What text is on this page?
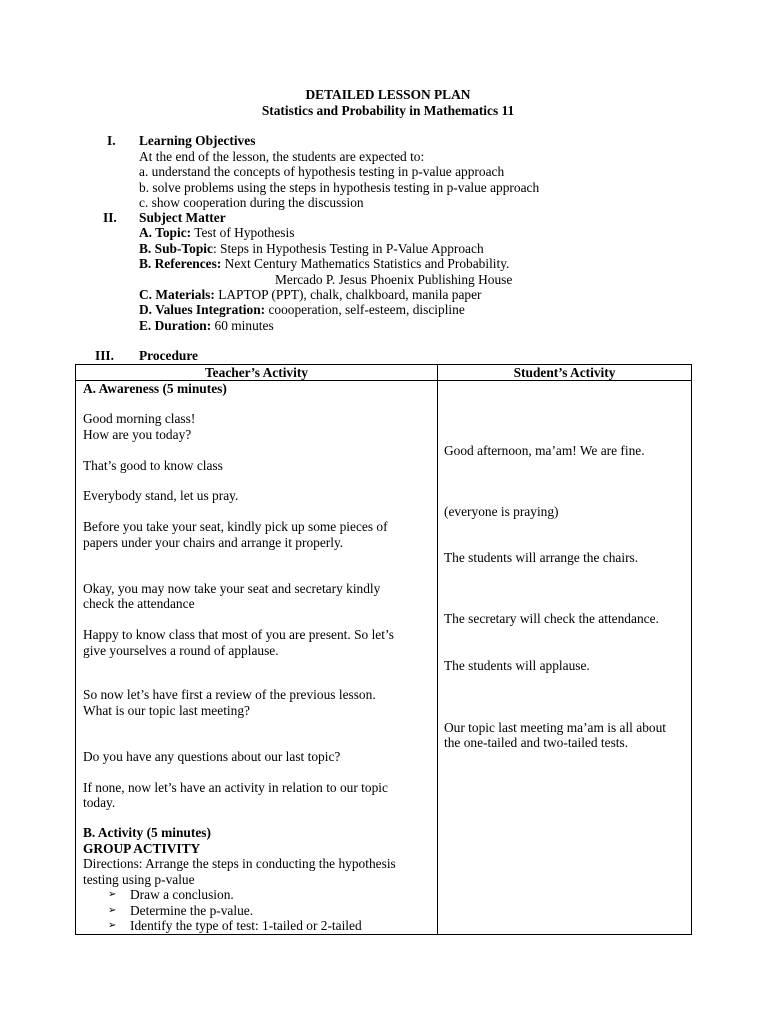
DETAILED LESSON PLAN
Statistics and Probability in Mathematics 11
I. Learning Objectives
At the end of the lesson, the students are expected to:
a. understand the concepts of hypothesis testing in p-value approach
b. solve problems using the steps in hypothesis testing in p-value approach
c. show cooperation during the discussion
II. Subject Matter
A. Topic: Test of Hypothesis
B. Sub-Topic: Steps in Hypothesis Testing in P-Value Approach
B. References: Next Century Mathematics Statistics and Probability.
Mercado P. Jesus Phoenix Publishing House
C. Materials: LAPTOP (PPT), chalk, chalkboard, manila paper
D. Values Integration: coooperation, self-esteem, discipline
E. Duration: 60 minutes
III. Procedure
Teacher’s Activity	Student’s Activity
A. Awareness (5 minutes)
Good morning class!
How are you today?
That’s good to know class
Everybody stand, let us pray.
Before you take your seat, kindly pick up some pieces of
papers under your chairs and arrange it properly.
Okay, you may now take your seat and secretary kindly
check the attendance
Happy to know class that most of you are present. So let’s
give yourselves a round of applause.
So now let’s have first a review of the previous lesson.
What is our topic last meeting?
Do you have any questions about our last topic?
If none, now let’s have an activity in relation to our topic
today.
B. Activity (5 minutes)
GROUP ACTIVITY
Directions: Arrange the steps in conducting the hypothesis
testing using p-value
➢ Draw a conclusion.
➢ Determine the p-value.
➢ Identify the type of test: 1-tailed or 2-tailed
Good afternoon, ma’am! We are fine.
(everyone is praying)
The students will arrange the chairs.
The secretary will check the attendance.
The students will applause.
Our topic last meeting ma’am is all about
the one-tailed and two-tailed tests.
